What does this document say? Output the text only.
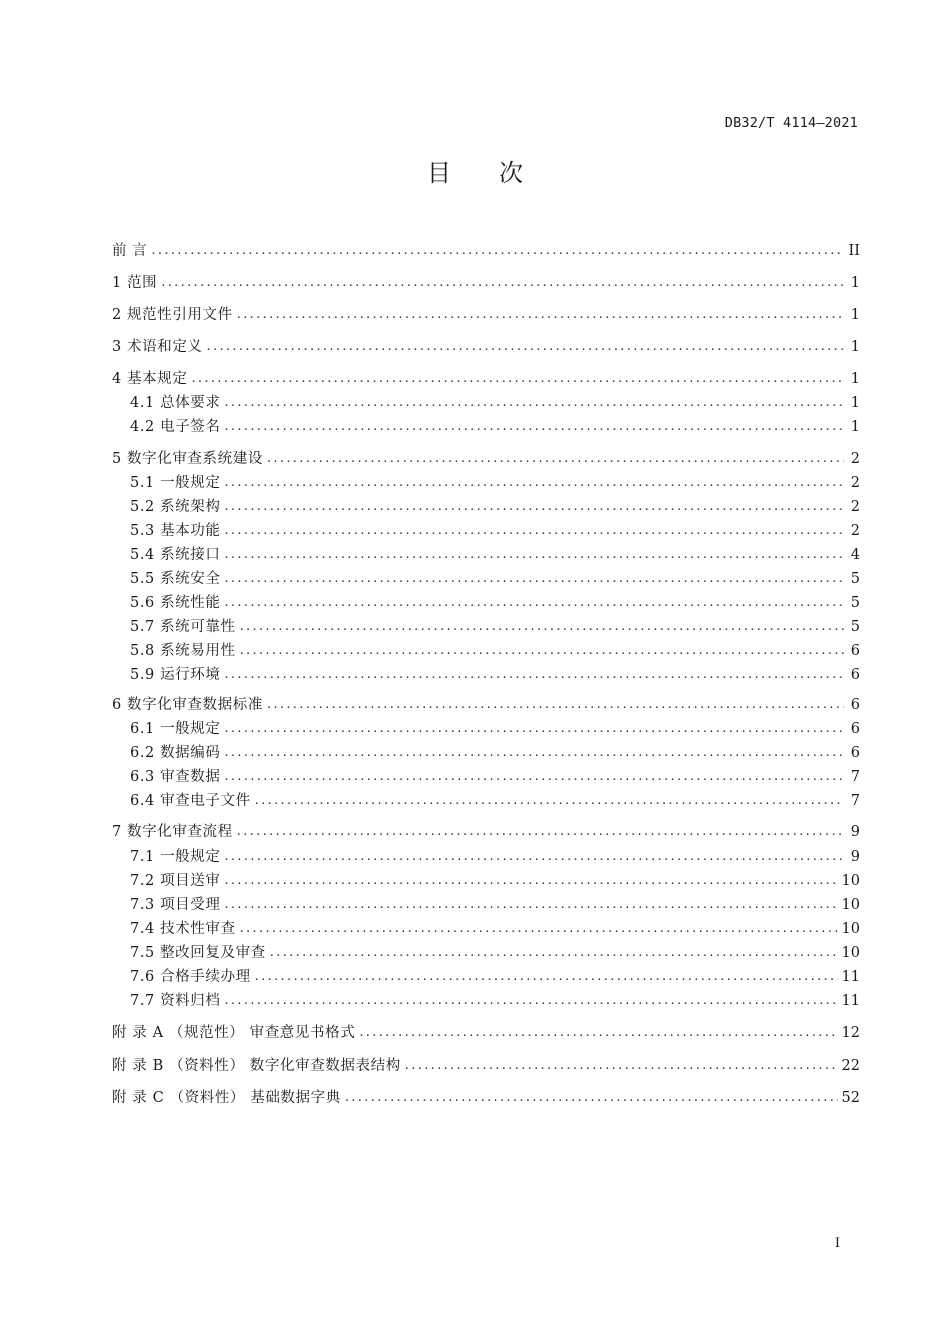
DB32/T 4114—2021
目次
前 言 . . .	II
1 范围 . . .	1
2 规范性引用文件 . . .	1
3 术语和定义 . . .	1
4 基本规定 . . .	1
4.1 总体要求 . . .	1
4.2 电子签名 . . .	1
5 数字化审查系统建设 . . .	2
5.1 一般规定 . . .	2
5.2 系统架构 . . .	2
5.3 基本功能 . . .	2
5.4 系统接口 . . .	4
5.5 系统安全 . . .	5
5.6 系统性能 . . .	5
5.7 系统可靠性 . . .	5
5.8 系统易用性 . . .	6
5.9 运行环境 . . .	6
6 数字化审查数据标准 . . .	6
6.1 一般规定 . . .	6
6.2 数据编码 . . .	6
6.3 审查数据 . . .	7
6.4 审查电子文件 . . .	7
7 数字化审查流程 . . .	9
7.1 一般规定 . . .	9
7.2 项目送审 . . .	10
7.3 项目受理 . . .	10
7.4 技术性审查 . . .	10
7.5 整改回复及审查 . . .	10
7.6 合格手续办理 . . .	11
7.7 资料归档 . . .	11
附 录 A （规范性） 审查意见书格式 . . .	12
附 录 B （资料性） 数字化审查数据表结构 . . .	22
附 录 C （资料性） 基础数据字典 . . .	52
I
